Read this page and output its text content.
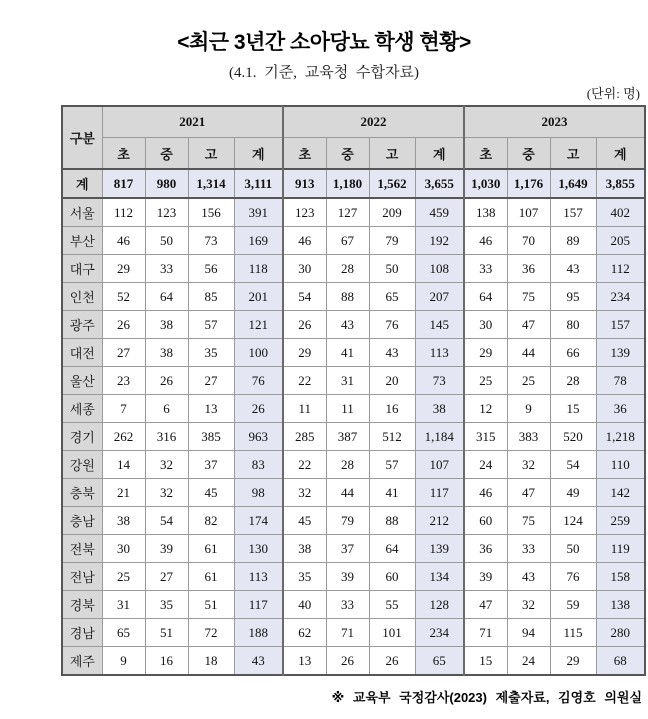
<최근 3년간 소아당뇨 학생 현황>
(4.1. 기준, 교육청 수합자료)
(단위: 명)
구분	2021				2022				2023			
	초	중	고	계	초	중	고	계	초	중	고	계
계	817	980	1,314	3,111	913	1,180	1,562	3,655	1,030	1,176	1,649	3,855
서울	112	123	156	391	123	127	209	459	138	107	157	402
부산	46	50	73	169	46	67	79	192	46	70	89	205
대구	29	33	56	118	30	28	50	108	33	36	43	112
인천	52	64	85	201	54	88	65	207	64	75	95	234
광주	26	38	57	121	26	43	76	145	30	47	80	157
대전	27	38	35	100	29	41	43	113	29	44	66	139
울산	23	26	27	76	22	31	20	73	25	25	28	78
세종	7	6	13	26	11	11	16	38	12	9	15	36
경기	262	316	385	963	285	387	512	1,184	315	383	520	1,218
강원	14	32	37	83	22	28	57	107	24	32	54	110
충북	21	32	45	98	32	44	41	117	46	47	49	142
충남	38	54	82	174	45	79	88	212	60	75	124	259
전북	30	39	61	130	38	37	64	139	36	33	50	119
전남	25	27	61	113	35	39	60	134	39	43	76	158
경북	31	35	51	117	40	33	55	128	47	32	59	138
경남	65	51	72	188	62	71	101	234	71	94	115	280
제주	9	16	18	43	13	26	26	65	15	24	29	68
※ 교육부 국정감사(2023) 제출자료, 김영호 의원실
